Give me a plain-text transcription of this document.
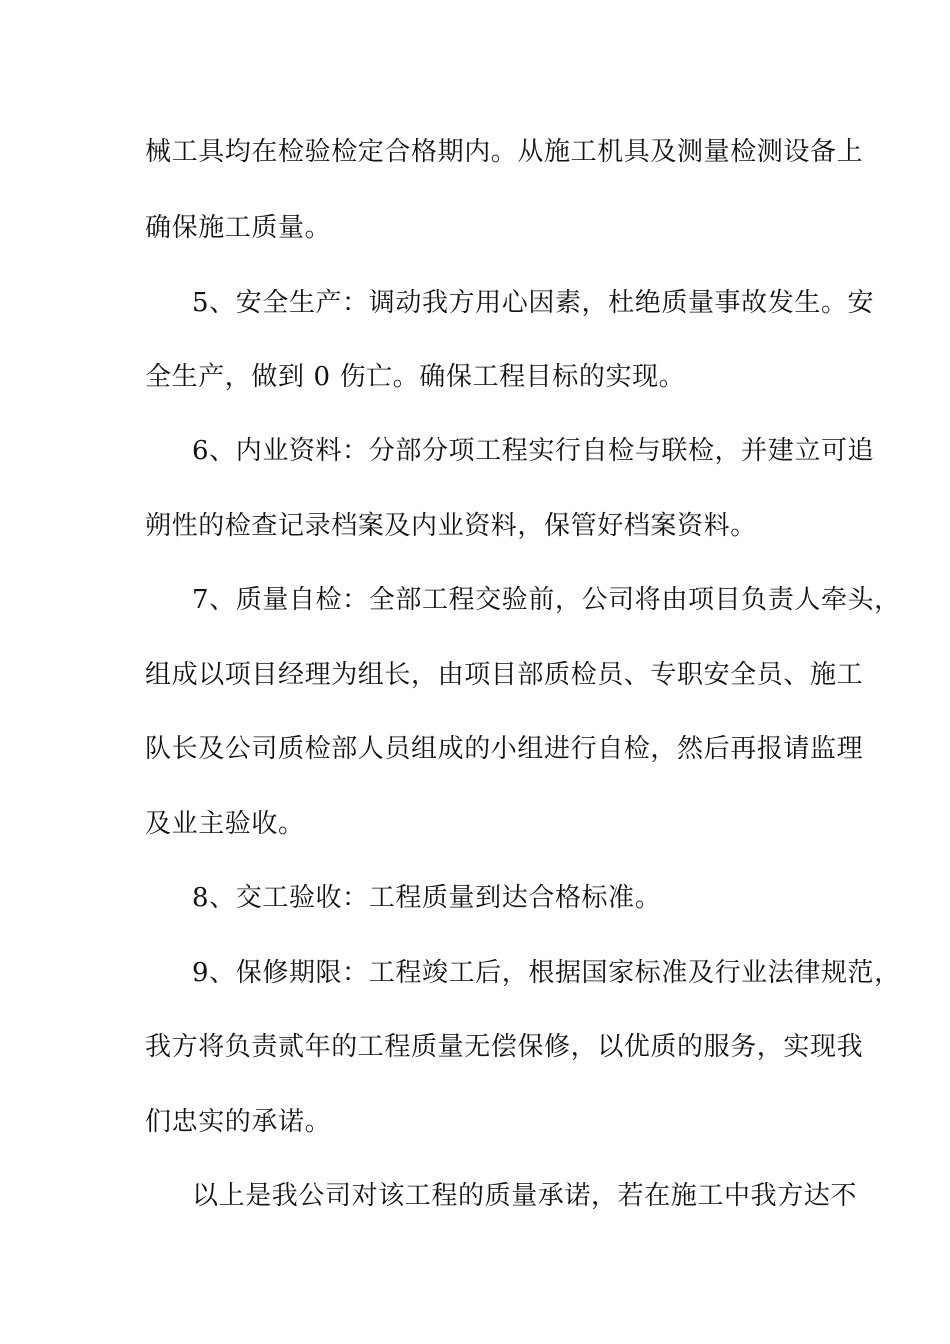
械工具均在检验检定合格期内。从施工机具及测量检测设备上
确保施工质量。
5、安全生产：调动我方用心因素，杜绝质量事故发生。安
全生产，做到 0 伤亡。确保工程目标的实现。
6、内业资料：分部分项工程实行自检与联检，并建立可追
朔性的检查记录档案及内业资料，保管好档案资料。
7、质量自检：全部工程交验前，公司将由项目负责人牵头，
组成以项目经理为组长，由项目部质检员、专职安全员、施工
队长及公司质检部人员组成的小组进行自检，然后再报请监理
及业主验收。
8、交工验收：工程质量到达合格标准。
9、保修期限：工程竣工后，根据国家标准及行业法律规范，
我方将负责贰年的工程质量无偿保修，以优质的服务，实现我
们忠实的承诺。
以上是我公司对该工程的质量承诺，若在施工中我方达不
